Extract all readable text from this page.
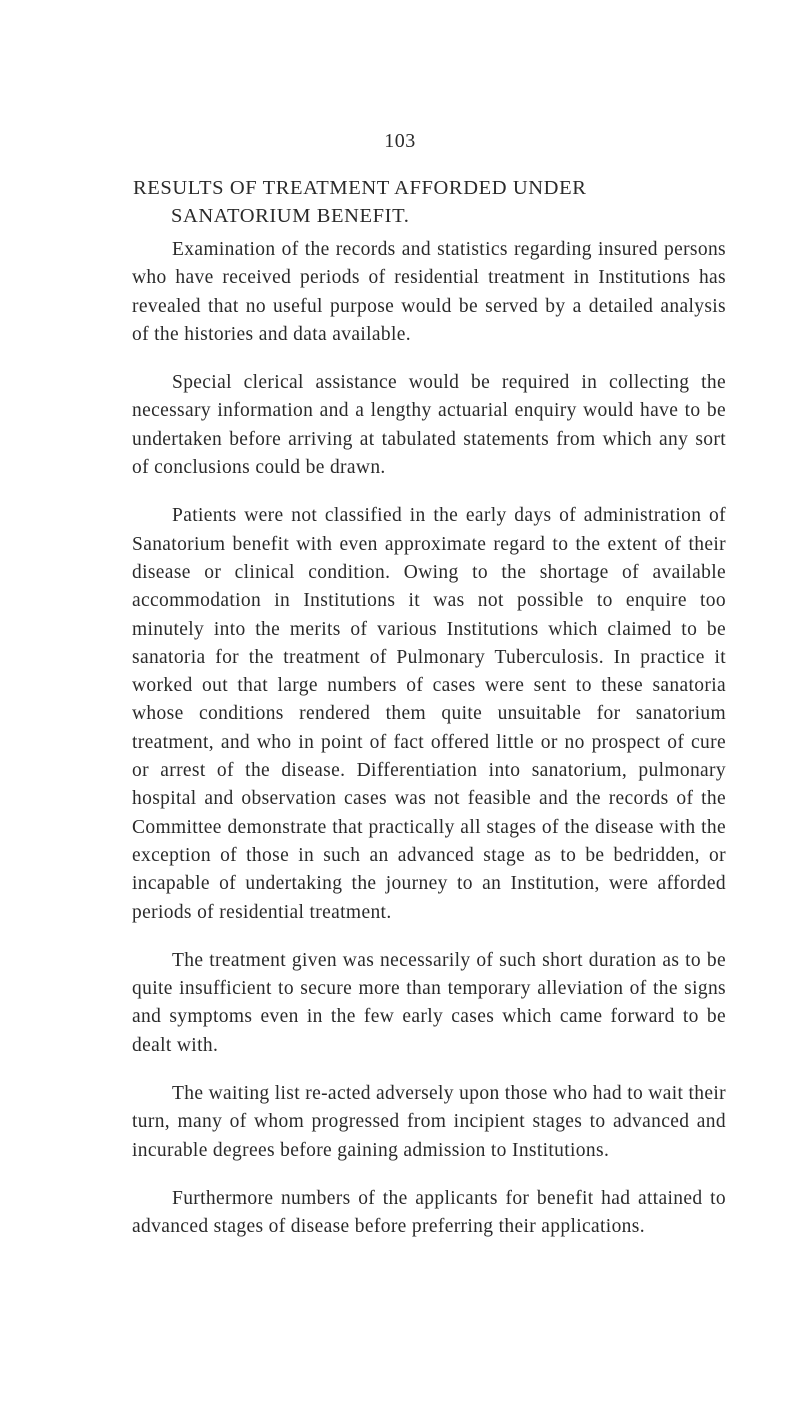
103
RESULTS OF TREATMENT AFFORDED UNDER
SANATORIUM BENEFIT.

Examination of the records and statistics regarding insured persons who have received periods of residential treatment in Institutions has revealed that no useful purpose would be served by a detailed analysis of the histories and data available.

Special clerical assistance would be required in collecting the necessary information and a lengthy actuarial enquiry would have to be undertaken before arriving at tabulated statements from which any sort of conclusions could be drawn.

Patients were not classified in the early days of administration of Sanatorium benefit with even approximate regard to the extent of their disease or clinical condition. Owing to the shortage of available accommodation in Institutions it was not possible to enquire too minutely into the merits of various Institutions which claimed to be sanatoria for the treatment of Pulmonary Tuberculosis. In practice it worked out that large numbers of cases were sent to these sanatoria whose conditions rendered them quite unsuitable for sanatorium treatment, and who in point of fact offered little or no prospect of cure or arrest of the disease. Differentiation into sanatorium, pulmonary hospital and observation cases was not feasible and the records of the Committee demonstrate that practically all stages of the disease with the exception of those in such an advanced stage as to be bedridden, or incapable of undertaking the journey to an Institution, were afforded periods of residential treatment.

The treatment given was necessarily of such short duration as to be quite insufficient to secure more than temporary alleviation of the signs and symptoms even in the few early cases which came forward to be dealt with.

The waiting list re-acted adversely upon those who had to wait their turn, many of whom progressed from incipient stages to advanced and incurable degrees before gaining admission to Institutions.

Furthermore numbers of the applicants for benefit had attained to advanced stages of disease before preferring their applications.
